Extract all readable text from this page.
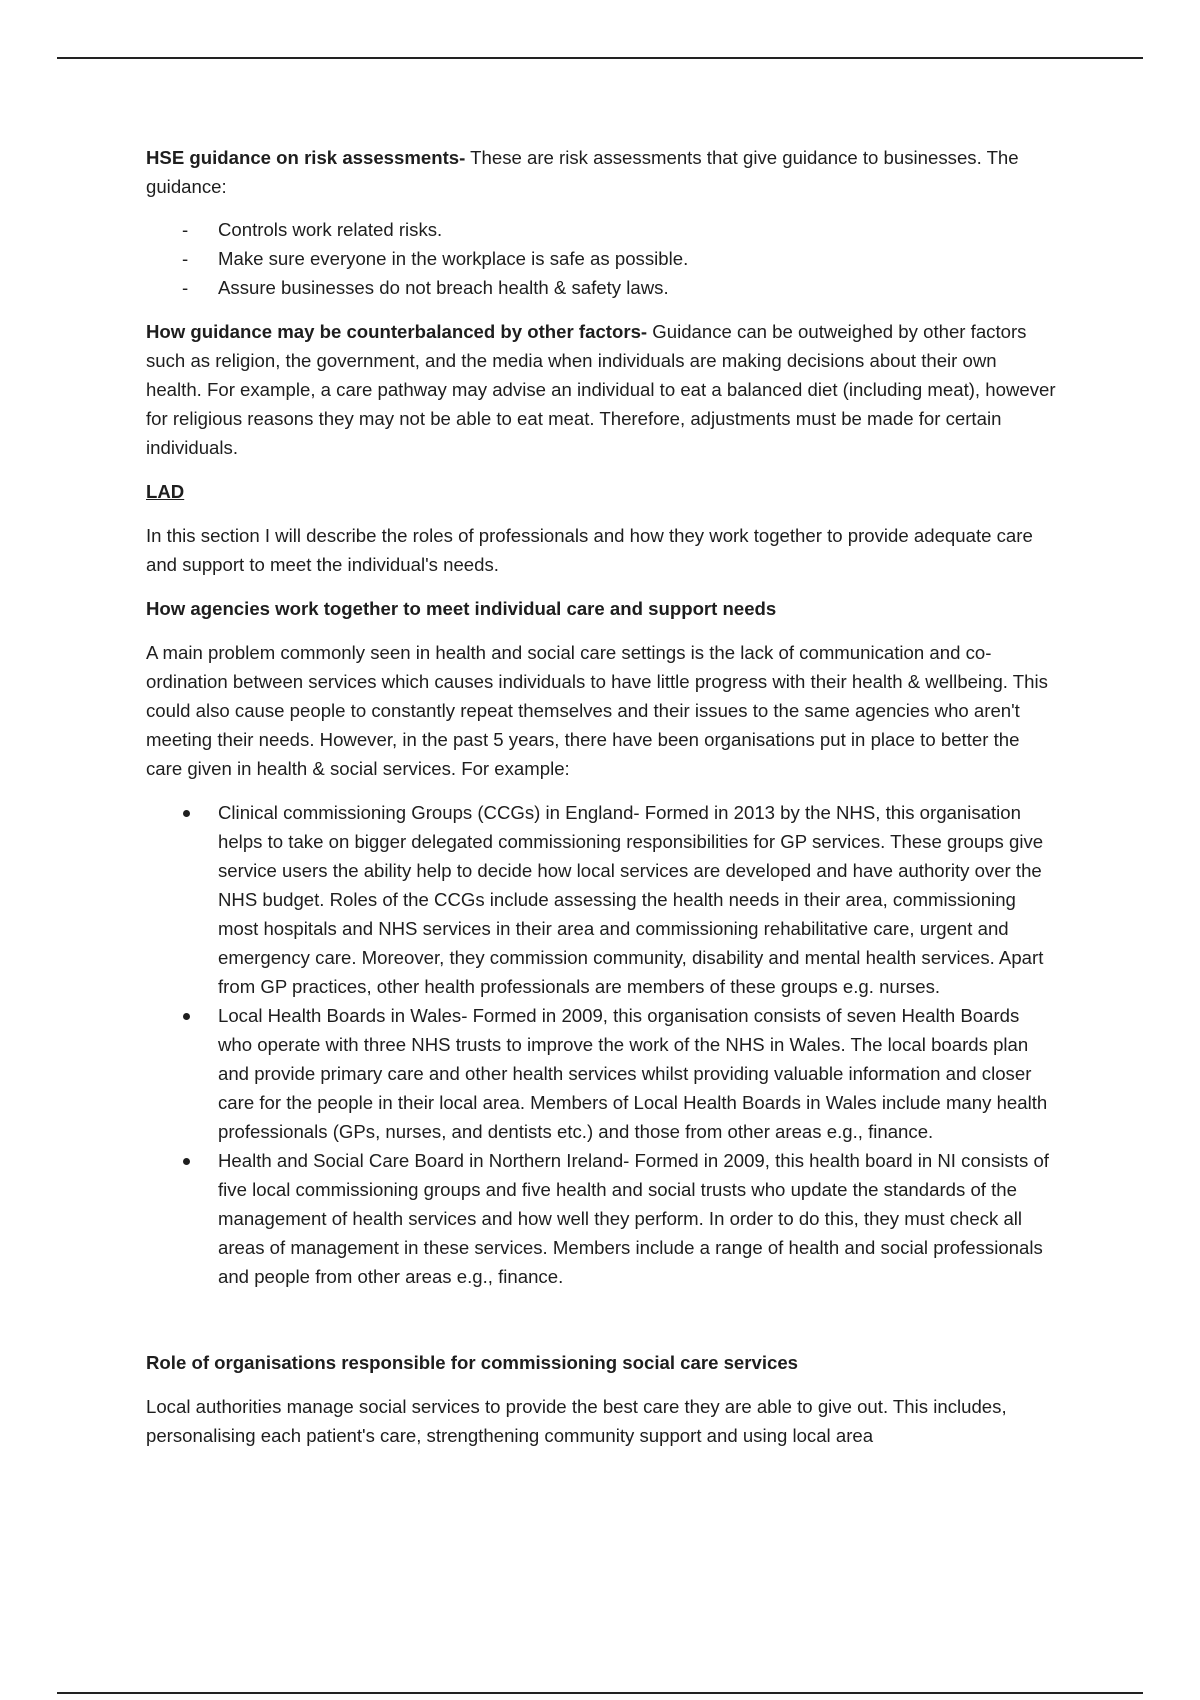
HSE guidance on risk assessments- These are risk assessments that give guidance to businesses. The guidance:

-	Controls work related risks.
-	Make sure everyone in the workplace is safe as possible.
-	Assure businesses do not breach health & safety laws.

How guidance may be counterbalanced by other factors- Guidance can be outweighed by other factors such as religion, the government, and the media when individuals are making decisions about their own health. For example, a care pathway may advise an individual to eat a balanced diet (including meat), however for religious reasons they may not be able to eat meat. Therefore, adjustments must be made for certain individuals.

LAD

In this section I will describe the roles of professionals and how they work together to provide adequate care and support to meet the individual's needs.

How agencies work together to meet individual care and support needs

A main problem commonly seen in health and social care settings is the lack of communication and co-ordination between services which causes individuals to have little progress with their health & wellbeing. This could also cause people to constantly repeat themselves and their issues to the same agencies who aren't meeting their needs. However, in the past 5 years, there have been organisations put in place to better the care given in health & social services. For example:

Clinical commissioning Groups (CCGs) in England- Formed in 2013 by the NHS, this organisation helps to take on bigger delegated commissioning responsibilities for GP services. These groups give service users the ability help to decide how local services are developed and have authority over the NHS budget. Roles of the CCGs include assessing the health needs in their area, commissioning most hospitals and NHS services in their area and commissioning rehabilitative care, urgent and emergency care. Moreover, they commission community, disability and mental health services. Apart from GP practices, other health professionals are members of these groups e.g. nurses.
Local Health Boards in Wales- Formed in 2009, this organisation consists of seven Health Boards who operate with three NHS trusts to improve the work of the NHS in Wales. The local boards plan and provide primary care and other health services whilst providing valuable information and closer care for the people in their local area. Members of Local Health Boards in Wales include many health professionals (GPs, nurses, and dentists etc.) and those from other areas e.g., finance.
Health and Social Care Board in Northern Ireland- Formed in 2009, this health board in NI consists of five local commissioning groups and five health and social trusts who update the standards of the management of health services and how well they perform. In order to do this, they must check all areas of management in these services. Members include a range of health and social professionals and people from other areas e.g., finance.

Role of organisations responsible for commissioning social care services

Local authorities manage social services to provide the best care they are able to give out. This includes, personalising each patient's care, strengthening community support and using local area
